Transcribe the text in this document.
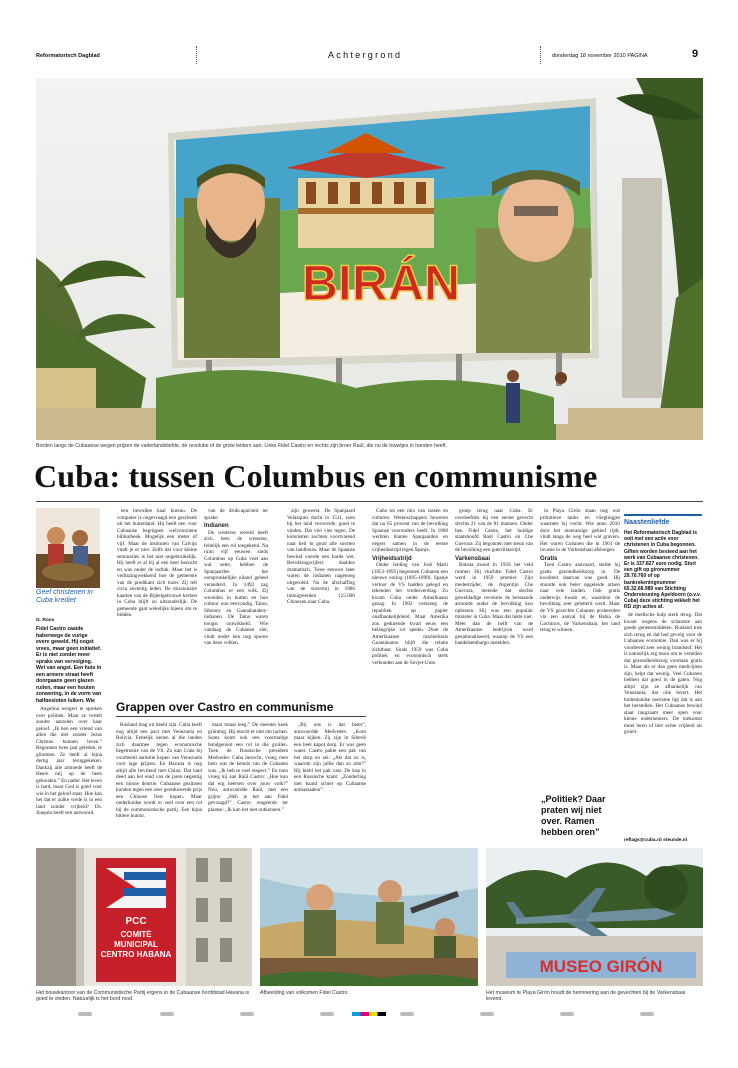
Reformatorisch Dagblad	Achtergrond	donderdag 18 november 2010 PAGINA	9
BIRÁN
Borden langs de Cubaanse wegen prijzen de vaderlandsliefde, de revolutie of de grote leiders aan. Links Fidel Castro en rechts zijn broer Raúl, die nu de touwtjes in handen heeft.
Cuba: tussen Columbus en communisme
Geef christenen in Cuba krediet
G. Roos
Fidel Castro zaaide haberwege de vurige evere geweld. Hij oogst vrees, maar geen initiatief. Er is niet zonder meer sprake van vervolging. Wel van angst. Een huis in een armere straat heeft doorgaans geen glazen ruiten, maar een houten zonwering, in de vorm van halfgesloten luiken. Wie

Angelina weigert te spreken over politiek. Maar ze vertelt zonder aarzelen over haar geloof. „Ik ben een vriend van allen die niet zonder Jezus Christus kunnen leven.” Begonnen twee jaar geleden, te glimmen. Ze heeft al bijna dertig jaar teruggekeken. Dankzij alle armoede heeft de Heere mij op de been gehouden.” En nader. Het leven is hard, maar God is goed voor wie in het geloof staat. Hoe kan het dat er zulke vrede is in een land zonder vrijheid? Ds. Joaquin heeft een antwoord.

een bewolkte kaal bureau. De computer is ongevraagd een geschenk uit het buitenland. Hij heeft een voor Cubaanse begrippen welvoorziene bibliotheek. Mogelijk een meter of vijf. Maar de instituten van Calvijn vindt je er niet. Zelfs dat voor kleine seminaries is het niet ongebruikelijk. Hij heeft er al bij al een keer bezocht en was onder de indruk. Maar het is verbazingwekkend hoe de gemeente van de predikant zich inzet. Zij telt circa zeventig leden. De missionaire kaarten van de Bijbelgetrouwe kerken in Cuba blijft zo uitzonderlijk. De gemeente gaat wekelijks bijeen om te bidden.

van de drukcapaciteit ter sprake.

Indianen

De westerse wereld heeft zich, lees: de westerse, feitelijk een rol toegekend. Na ruim vijf eeuwen sinds Columbus op Cuba voet aan wal zette, hebben de Spanjaarden het oorspronkelijke eiland geheel veranderd. In 1492 zag Columbus er een volk. Zij woonden in hutten en hun cultuur was eenvoudig. Taino, Siboney en Guanahatabey-indianen. De Taino waren hoogst ontwikkeld. Wie vandaag de Cubanen ziet, vindt onder hen nog sporen van deze volken.

zijn geweest. De Spanjaard Velázquez dacht in 1511, toen hij het land veroverde, goed te vinden. Dat viel vies tegen. De kolonisten zochten voortvarend naar heil in goud alle soorten van landbouw. Maar de Spaanse bewind voerde een harde wet. Bevolkingscijfers daalden dramatisch. Twee eeuwen later waren de indianen nagenoeg uitgeroeid. Na de afschaffing van de slavernij in 1886 immigreerden 125.000 Chinezen naar Cuba.

Cuba tot een mix van rassen en culturen. Wetenschappers beweren dat nu 65 procent van de bevolking Spaanse voorouders heeft. In 1868 werkten blanke Spanjaarden en negers samen in de eerste vrijheidsstrijd tegen Spanje.

Vrijheidsstrijd

Onder leiding van José Martí (1853-1895) begonnen Cubanen een nieuwe oorlog (1895-1898). Spanje verloor de VS hadden gelegd en tekenden het vredesverdrag. Zo kwam Cuba onder Amerikaans gezag. In 1902 verkreeg de republiek op papier onafhankelijkheid. Maar Amerika zou gedurende kwart eeuw een belangrijke rol spelen. Door de Amerikaanse marinebasis Guantánamo blijft die relatie zichtbaar. Sinds 1959 was Cuba politiek en economisch sterk verbonden aan de Sovjet-Unie.

groep terug naar Cuba. Er overleefden bij een eerste gevecht slechts 21 van de 81 mannen. Onder hen Fidel Castro, het huidige staatshoofd Raúl Castro en Che Guevara. Zij begonnen met steun van de bevolking een guerrillastrijd.

Varkensbaai

Batista moest in 1958 het veld ruimen. Hij vluchtte. Fidel Castro werd in 1959 premier. Zijn medestrijder, de Argentijn Che Guevara, meende dat slechts geweldadige revolutie de bestaande armoede onder de bevolking kon oplossen. Hij was een populair minister in Cuba. Maar dat lukte niet. Meer dan de helft van de Amerikaanse bedrijven werd genationaliseerd, waarop de VS een handelsembargo instelden.

in Playa Girón staan nog wat primitieve tanks en vliegtuigjes waarmee hij vocht. Wie anno 2010 door het moerassige gebied rijdt, vindt langs de weg heel wat gravers. Het waren Cubanen die in 1961 de invasie in de Varkensbaai afsloegen.

Gratis

Toen Castro aanvaard, stelde hij gratis gezondheidszorg in. De kwaliteit daarvan was goed. Hij stuurde ook beter opgeleide artsen naar vele landen. Ook gratis onderwijs kwam er, waardoor de bevolking zeer geletterd werd. Maar de VS gezochte Cubanen probeerden via een aanval bij de Bahía de Cochinos, de Varkensbaai, het land terug te winnen.

Naastenliefde
Het Reformatorisch Dagblad is ooit met een actie voor christenen in Cuba begonnen. Giften worden besteed aan het werk van Cubaanse christenen. Er is 337.827 euro nodig. Stort een gift op gironummer 29.70.760 of op bankrekeningnummer 65.32.68.989 van Stichting Ondersteuning Apeldoorn (o.v.v. Cuba) deze stichting wikkelt het RD zijn acties af.

de medische hulp sterk terug. Dat kwam wegens de schaarste aan goede geneesmiddelen. Rusland trok zich terug en dat had gevolg voor de Cubaanse economie. Dan was er bij voorbeeld zeer weinig brandstof. Het is natuurlijk erg mooi om te vertellen dat gezondheidszorg voortaan gratis is. Maar als er dan geen medicijnen zijn, helpt dat weinig. Veel Cubanen hebben dat goed in de gaten. Nog altijd zijn ze afhankelijk van Venezuela, dat olie levert. Het buitenlandse toerisme ligt dat is aan het herstellen. Het Cubaanse bewind staat langzaam meer open voor kleine ondernemers. De toekomst moet leren of hier echte vrijheid uit groeit.

Grappen over Castro en communisme

Rusland mag uit beeld zijn. Cuba heeft nog altijd een pact met Venezuela en Bolivia. Feitelijk kenen al die landen zich daarmee tegen economische hegemonie van de VS. Zo kan Cuba bij voorbeeld aardolie kopen van Venezuela voor lage prijzen. En Havana is nog altijd alle bevriend met China. Dat land deed aan het eind van de jaren negentig een mooie deurtie. Cubaanse gezinnen konden tegen een zeer gereduceerde prijs een Chinese fiets kopen. Maar onderhuidse wordt er veel over een rol bij de communistische partij. Een bijna bittere humor.

maar totaal leeg.” De meester keek grimmig. Hij mocht er niet om lachen. Soms komt ook een voormalige bondgenoot een rol in die grollen. Toen de Russische president Medvedev Cuba bezocht, vroeg men hem wat de kennis van de Cubanen was. „Ik heb te veel respect.” En toen vroeg hij aan Raúl Castro: „Hoe kun dat erg heersen over jouw volk?” Nou, antwoordde Raúl, met een grijns: „Heb je het aan Fidel gevraagd?” Castro reageerde ter plaatse: „Ik kan het niet ontkennen.”

„Bij ons is dat beter”, antwoordde Medvedev. „Kom maar kijken. Zij zijn in Siberië een heel kapot dorp. Er was geen water. Castro pakte een pak van het dorp en zei: „Als dat zo is, waarom zijn jullie dan zo arm?” Hij hield het pak vast. De kop in een Russische krant: „Zonderling met baard schiet op Cubaanse ambassadeur”.

„Politiek? Daar praten wij niet over. Ramen hebben oren”
reflags@cuba.rd steunde.nl
PCC
COMITÉ MUNICIPAL CENTRO HABANA
MUSEO GIRÓN
Het bouwkantoor van de Communistische Partij ergens in de Cubaanse hoofdstad Havana is goed te vinden. Natuurlijk is het bord rood.
Afbeelding van volkomen Fidel Castro.	Het museum te Playa Girón houdt de herinnering aan de gevechten bij de Varkensbaai levend.
